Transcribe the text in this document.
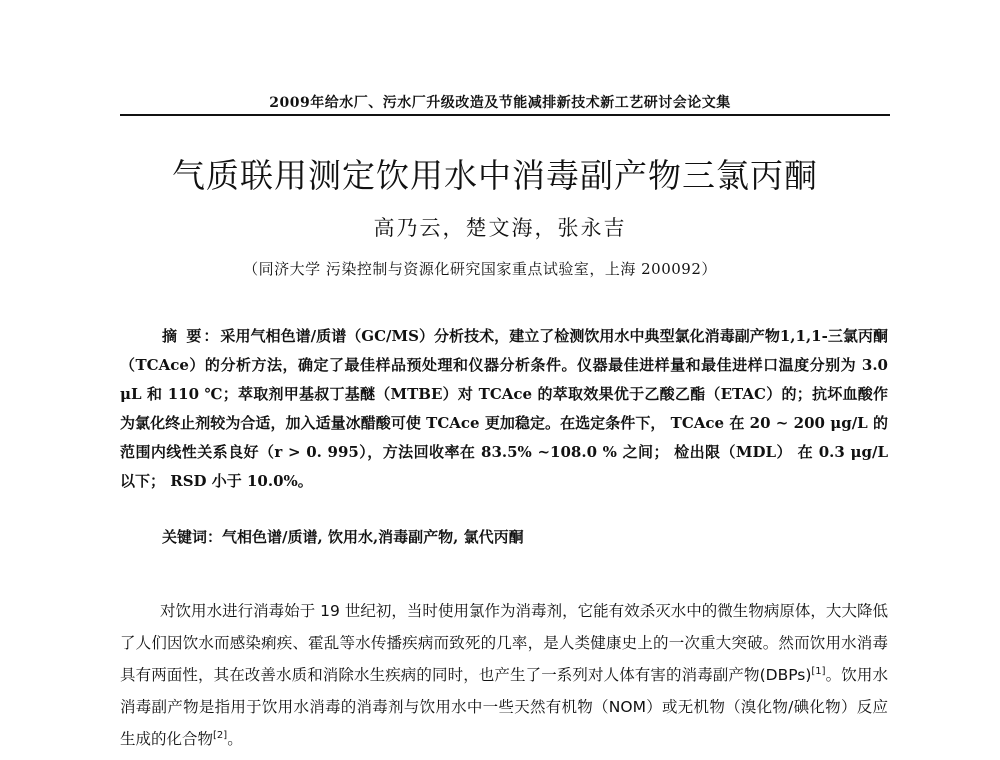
2009年给水厂、污水厂升级改造及节能减排新技术新工艺研讨会论文集
气质联用测定饮用水中消毒副产物三氯丙酮
高乃云，楚文海，张永吉
（同济大学 污染控制与资源化研究国家重点试验室，上海 200092）
摘 要：采用气相色谱/质谱（GC/MS）分析技术，建立了检测饮用水中典型氯化消毒副产物1,1,1-三氯丙酮（TCAce）的分析方法，确定了最佳样品预处理和仪器分析条件。仪器最佳进样量和最佳进样口温度分别为 3.0 μL 和 110 ℃；萃取剂甲基叔丁基醚（MTBE）对 TCAce 的萃取效果优于乙酸乙酯（ETAC）的；抗坏血酸作为氯化终止剂较为合适，加入适量冰醋酸可使 TCAce 更加稳定。在选定条件下， TCAce 在 20 ~ 200 μg/L 的范围内线性关系良好（r > 0. 995），方法回收率在 83.5% ~108.0 % 之间； 检出限（MDL） 在 0.3 μg/L 以下； RSD 小于 10.0%。
关键词：气相色谱/质谱, 饮用水,消毒副产物, 氯代丙酮
对饮用水进行消毒始于 19 世纪初，当时使用氯作为消毒剂，它能有效杀灭水中的微生物病原体，大大降低了人们因饮水而感染痢疾、霍乱等水传播疾病而致死的几率，是人类健康史上的一次重大突破。然而饮用水消毒具有两面性，其在改善水质和消除水生疾病的同时，也产生了一系列对人体有害的消毒副产物(DBPs)[1]。饮用水消毒副产物是指用于饮用水消毒的消毒剂与饮用水中一些天然有机物（NOM）或无机物（溴化物/碘化物）反应生成的化合物[2]。
